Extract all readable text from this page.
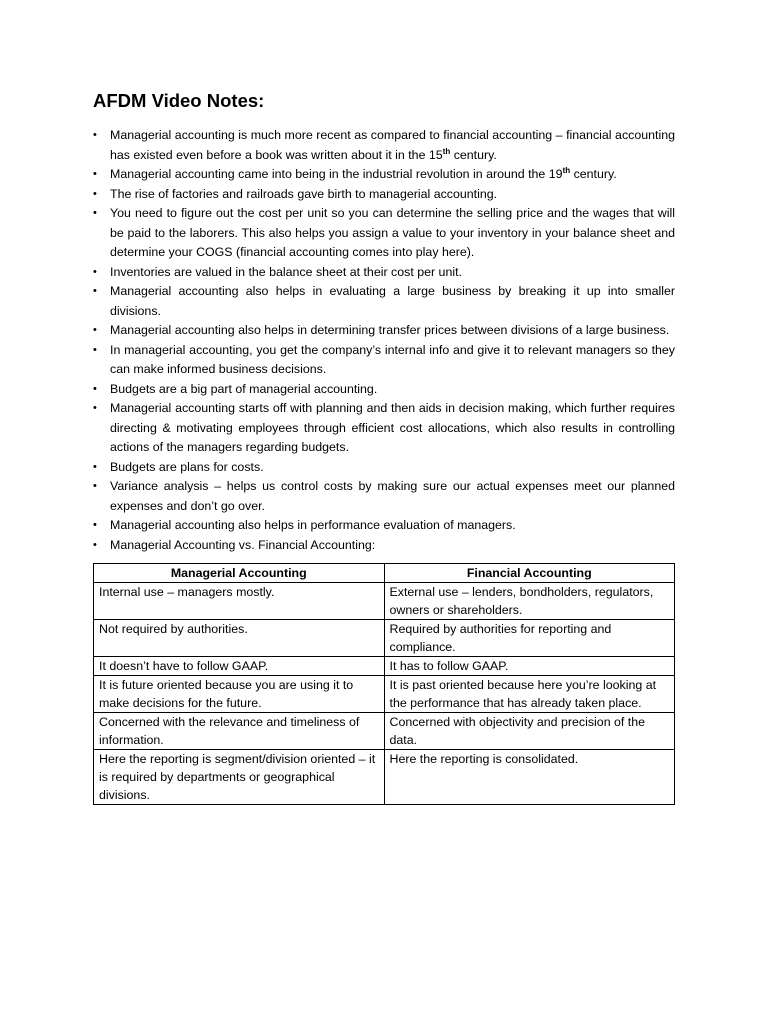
AFDM Video Notes:
• Managerial accounting is much more recent as compared to financial accounting – financial accounting has existed even before a book was written about it in the 15th century.
• Managerial accounting came into being in the industrial revolution in around the 19th century.
• The rise of factories and railroads gave birth to managerial accounting.
• You need to figure out the cost per unit so you can determine the selling price and the wages that will be paid to the laborers. This also helps you assign a value to your inventory in your balance sheet and determine your COGS (financial accounting comes into play here).
• Inventories are valued in the balance sheet at their cost per unit.
• Managerial accounting also helps in evaluating a large business by breaking it up into smaller divisions.
• Managerial accounting also helps in determining transfer prices between divisions of a large business.
• In managerial accounting, you get the company’s internal info and give it to relevant managers so they can make informed business decisions.
• Budgets are a big part of managerial accounting.
• Managerial accounting starts off with planning and then aids in decision making, which further requires directing & motivating employees through efficient cost allocations, which also results in controlling actions of the managers regarding budgets.
• Budgets are plans for costs.
• Variance analysis – helps us control costs by making sure our actual expenses meet our planned expenses and don’t go over.
• Managerial accounting also helps in performance evaluation of managers.
• Managerial Accounting vs. Financial Accounting:
Managerial Accounting	Financial Accounting
Internal use – managers mostly.	External use – lenders, bondholders, regulators, owners or shareholders.
Not required by authorities.	Required by authorities for reporting and compliance.
It doesn’t have to follow GAAP.	It has to follow GAAP.
It is future oriented because you are using it to make decisions for the future.	It is past oriented because here you’re looking at the performance that has already taken place.
Concerned with the relevance and timeliness of information.	Concerned with objectivity and precision of the data.
Here the reporting is segment/division oriented – it is required by departments or geographical divisions.	Here the reporting is consolidated.
